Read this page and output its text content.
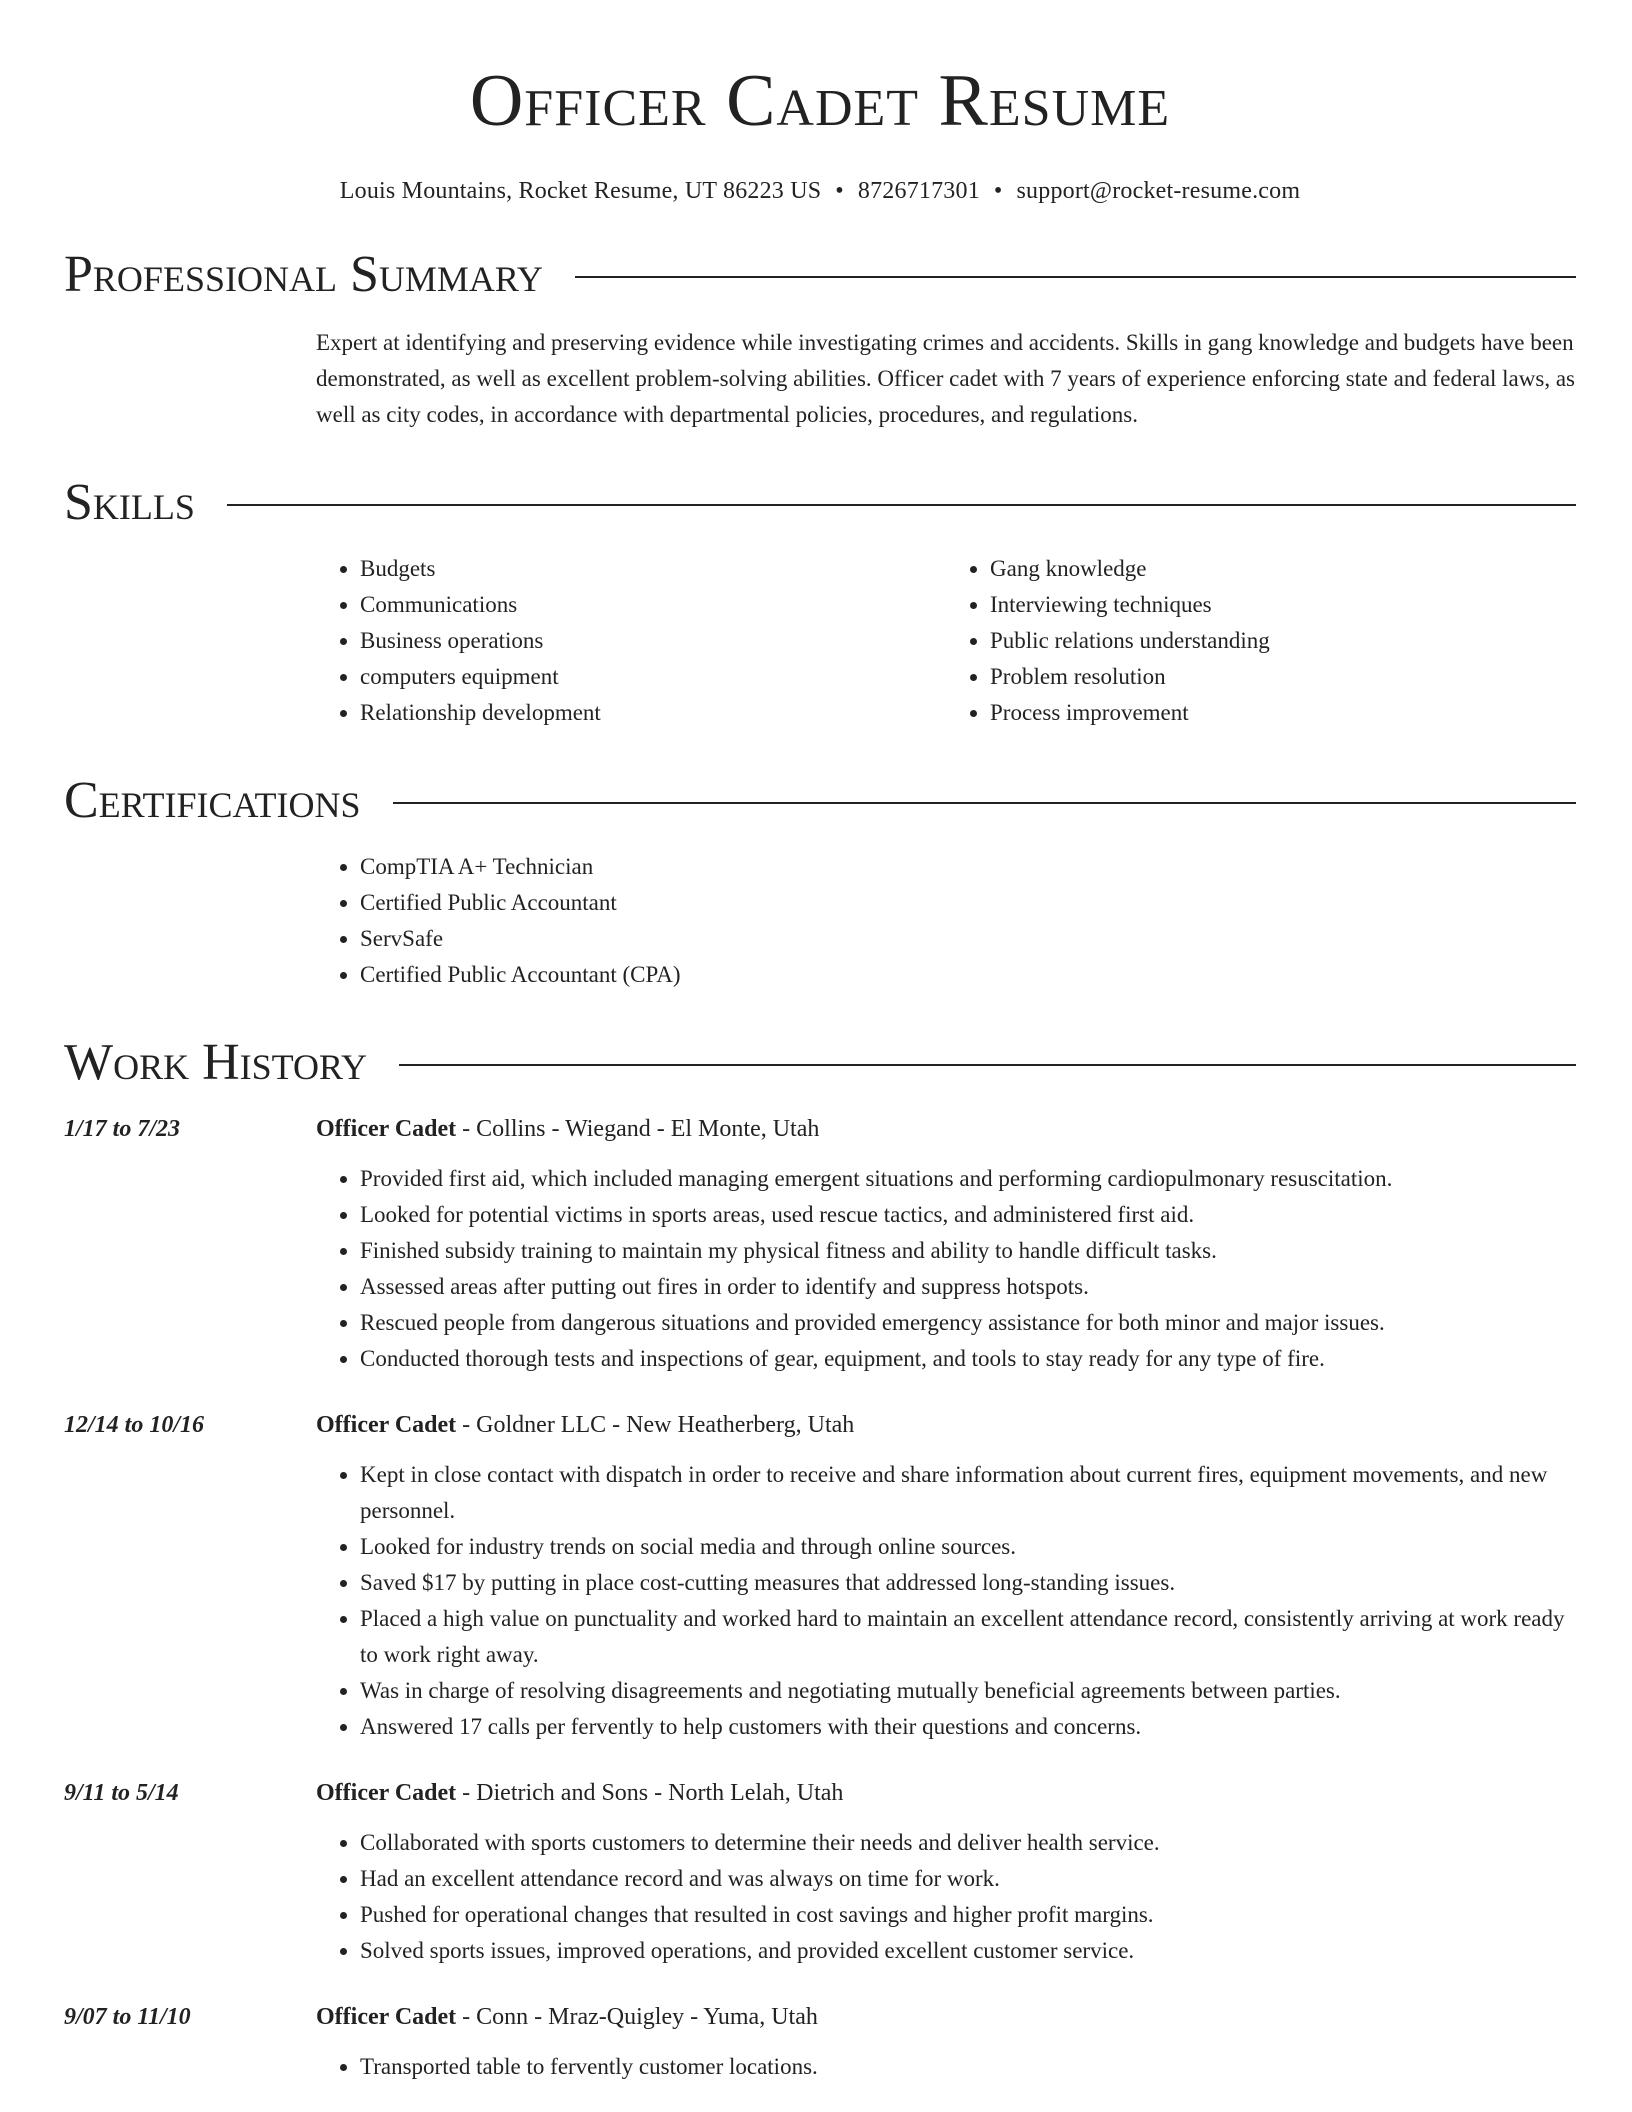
Officer Cadet Resume
Louis Mountains, Rocket Resume, UT 86223 US • 8726717301 • support@rocket-resume.com
Professional Summary
Expert at identifying and preserving evidence while investigating crimes and accidents. Skills in gang knowledge and budgets have been demonstrated, as well as excellent problem-solving abilities. Officer cadet with 7 years of experience enforcing state and federal laws, as well as city codes, in accordance with departmental policies, procedures, and regulations.
Skills
• Budgets
• Communications
• Business operations
• computers equipment
• Relationship development
• Gang knowledge
• Interviewing techniques
• Public relations understanding
• Problem resolution
• Process improvement
Certifications
• CompTIA A+ Technician
• Certified Public Accountant
• ServSafe
• Certified Public Accountant (CPA)
Work History
1/17 to 7/23	Officer Cadet - Collins - Wiegand - El Monte, Utah
• Provided first aid, which included managing emergent situations and performing cardiopulmonary resuscitation.
• Looked for potential victims in sports areas, used rescue tactics, and administered first aid.
• Finished subsidy training to maintain my physical fitness and ability to handle difficult tasks.
• Assessed areas after putting out fires in order to identify and suppress hotspots.
• Rescued people from dangerous situations and provided emergency assistance for both minor and major issues.
• Conducted thorough tests and inspections of gear, equipment, and tools to stay ready for any type of fire.
12/14 to 10/16	Officer Cadet - Goldner LLC - New Heatherberg, Utah
• Kept in close contact with dispatch in order to receive and share information about current fires, equipment movements, and new personnel.
• Looked for industry trends on social media and through online sources.
• Saved $17 by putting in place cost-cutting measures that addressed long-standing issues.
• Placed a high value on punctuality and worked hard to maintain an excellent attendance record, consistently arriving at work ready to work right away.
• Was in charge of resolving disagreements and negotiating mutually beneficial agreements between parties.
• Answered 17 calls per fervently to help customers with their questions and concerns.
9/11 to 5/14	Officer Cadet - Dietrich and Sons - North Lelah, Utah
• Collaborated with sports customers to determine their needs and deliver health service.
• Had an excellent attendance record and was always on time for work.
• Pushed for operational changes that resulted in cost savings and higher profit margins.
• Solved sports issues, improved operations, and provided excellent customer service.
9/07 to 11/10	Officer Cadet - Conn - Mraz-Quigley - Yuma, Utah
• Transported table to fervently customer locations.
